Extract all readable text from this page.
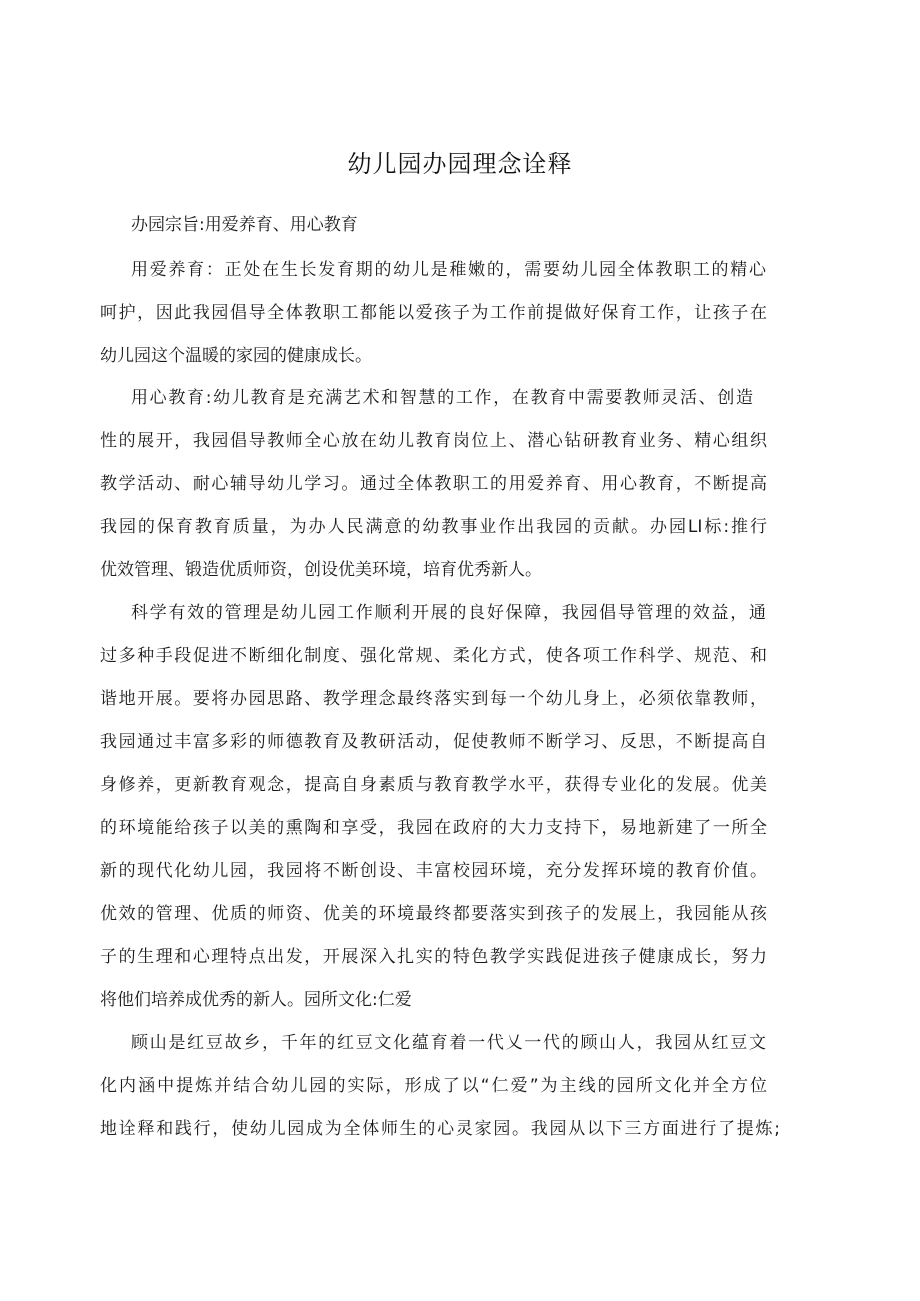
幼儿园办园理念诠释
办园宗旨:用爱养育、用心教育
用爱养育：正处在生长发育期的幼儿是稚嫩的，需要幼儿园全体教职工的精心
呵护，因此我园倡导全体教职工都能以爱孩子为工作前提做好保育工作，让孩子在
幼儿园这个温暖的家园的健康成长。
用心教育:幼儿教育是充满艺术和智慧的工作，在教育中需要教师灵活、创造
性的展开，我园倡导教师全心放在幼儿教育岗位上、潜心钻研教育业务、精心组织
教学活动、耐心辅导幼儿学习。通过全体教职工的用爱养育、用心教育，不断提高
我园的保育教育质量，为办人民满意的幼教事业作出我园的贡献。办园LI标:推行
优效管理、锻造优质师资，创设优美环境，培育优秀新人。
科学有效的管理是幼儿园工作顺利开展的良好保障，我园倡导管理的效益，通
过多种手段促进不断细化制度、强化常规、柔化方式，使各项工作科学、规范、和
谐地开展。要将办园思路、教学理念最终落实到每一个幼儿身上，必须依靠教师，
我园通过丰富多彩的师德教育及教研活动，促使教师不断学习、反思，不断提高自
身修养，更新教育观念，提高自身素质与教育教学水平，获得专业化的发展。优美
的环境能给孩子以美的熏陶和享受，我园在政府的大力支持下，易地新建了一所全
新的现代化幼儿园，我园将不断创设、丰富校园环境，充分发挥环境的教育价值。
优效的管理、优质的师资、优美的环境最终都要落实到孩子的发展上，我园能从孩
子的生理和心理特点出发，开展深入扎实的特色教学实践促进孩子健康成长，努力
将他们培养成优秀的新人。园所文化:仁爱
顾山是红豆故乡，千年的红豆文化蕴育着一代乂一代的顾山人，我园从红豆文
化内涵中提炼并结合幼儿园的实际，形成了以“仁爱”为主线的园所文化并全方位
地诠释和践行，使幼儿园成为全体师生的心灵家园。我园从以下三方面进行了提炼;
